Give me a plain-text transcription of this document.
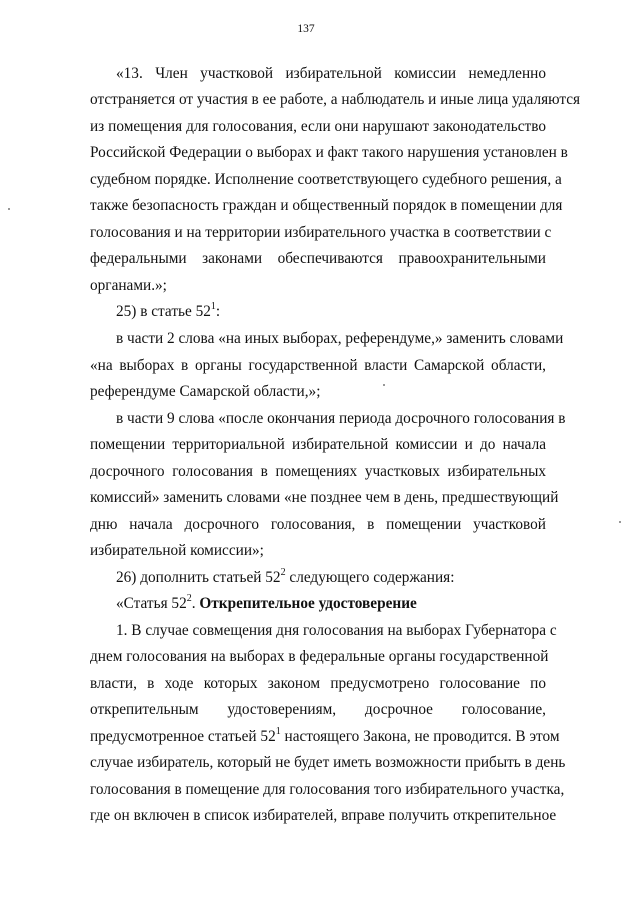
137
«13. Член участковой избирательной комиссии немедленно
отстраняется от участия в ее работе, а наблюдатель и иные лица удаляются
из помещения для голосования, если они нарушают законодательство
Российской Федерации о выборах и факт такого нарушения установлен в
судебном порядке. Исполнение соответствующего судебного решения, а
также безопасность граждан и общественный порядок в помещении для
голосования и на территории избирательного участка в соответствии с
федеральными законами обеспечиваются правоохранительными
органами.»;
25) в статье $52^1$:
в части 2 слова «на иных выборах, референдуме,» заменить словами
«на выборах в органы государственной власти Самарской области,
референдуме Самарской области,»;
в части 9 слова «после окончания периода досрочного голосования в
помещении территориальной избирательной комиссии и до начала
досрочного голосования в помещениях участковых избирательных
комиссий» заменить словами «не позднее чем в день, предшествующий
дню начала досрочного голосования, в помещении участковой
избирательной комиссии»;
26) дополнить статьей $52^2$ следующего содержания:
«Статья $52^2$. Открепительное удостоверение
1. В случае совмещения дня голосования на выборах Губернатора с
днем голосования на выборах в федеральные органы государственной
власти, в ходе которых законом предусмотрено голосование по
открепительным удостоверениям, досрочное голосование,
предусмотренное статьей $52^1$ настоящего Закона, не проводится. В этом
случае избиратель, который не будет иметь возможности прибыть в день
голосования в помещение для голосования того избирательного участка,
где он включен в список избирателей, вправе получить открепительное
